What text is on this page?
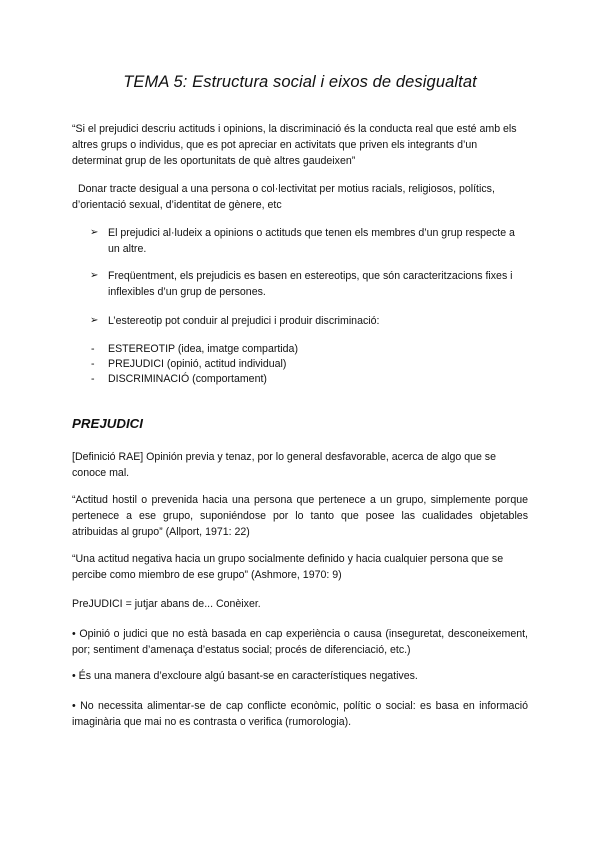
TEMA 5: Estructura social i eixos de desigualtat

“Si el prejudici descriu actituds i opinions, la discriminació és la conducta real que esté amb els altres grups o individus, que es pot apreciar en activitats que priven els integrants d’un determinat grup de les oportunitats de què altres gaudeixen”

Donar tracte desigual a una persona o col·lectivitat per motius racials, religiosos, polítics, d’orientació sexual, d’identitat de gènere, etc

➢ El prejudici al·ludeix a opinions o actituds que tenen els membres d’un grup respecte a un altre.
➢ Freqüentment, els prejudicis es basen en estereotips, que són caracteritzacions fixes i inflexibles d’un grup de persones.
➢ L’estereotip pot conduir al prejudici i produir discriminació:
- ESTEREOTIP (idea, imatge compartida)
- PREJUDICI (opinió, actitud individual)
- DISCRIMINACIÓ (comportament)
PREJUDICI

[Definició RAE] Opinión previa y tenaz, por lo general desfavorable, acerca de algo que se conoce mal.

“Actitud hostil o prevenida hacia una persona que pertenece a un grupo, simplemente porque pertenece a ese grupo, suponiéndose por lo tanto que posee las cualidades objetables atribuidas al grupo” (Allport, 1971: 22)

“Una actitud negativa hacia un grupo socialmente definido y hacia cualquier persona que se percibe como miembro de ese grupo” (Ashmore, 1970: 9)

PreJUDICI = jutjar abans de... Conèixer.

• Opinió o judici que no està basada en cap experiència o causa (inseguretat, desconeixement, por; sentiment d’amenaça d’estatus social; procés de diferenciació, etc.)

• És una manera d’excloure algú basant-se en característiques negatives.

• No necessita alimentar-se de cap conflicte econòmic, polític o social: es basa en informació imaginària que mai no es contrasta o verifica (rumorologia).
